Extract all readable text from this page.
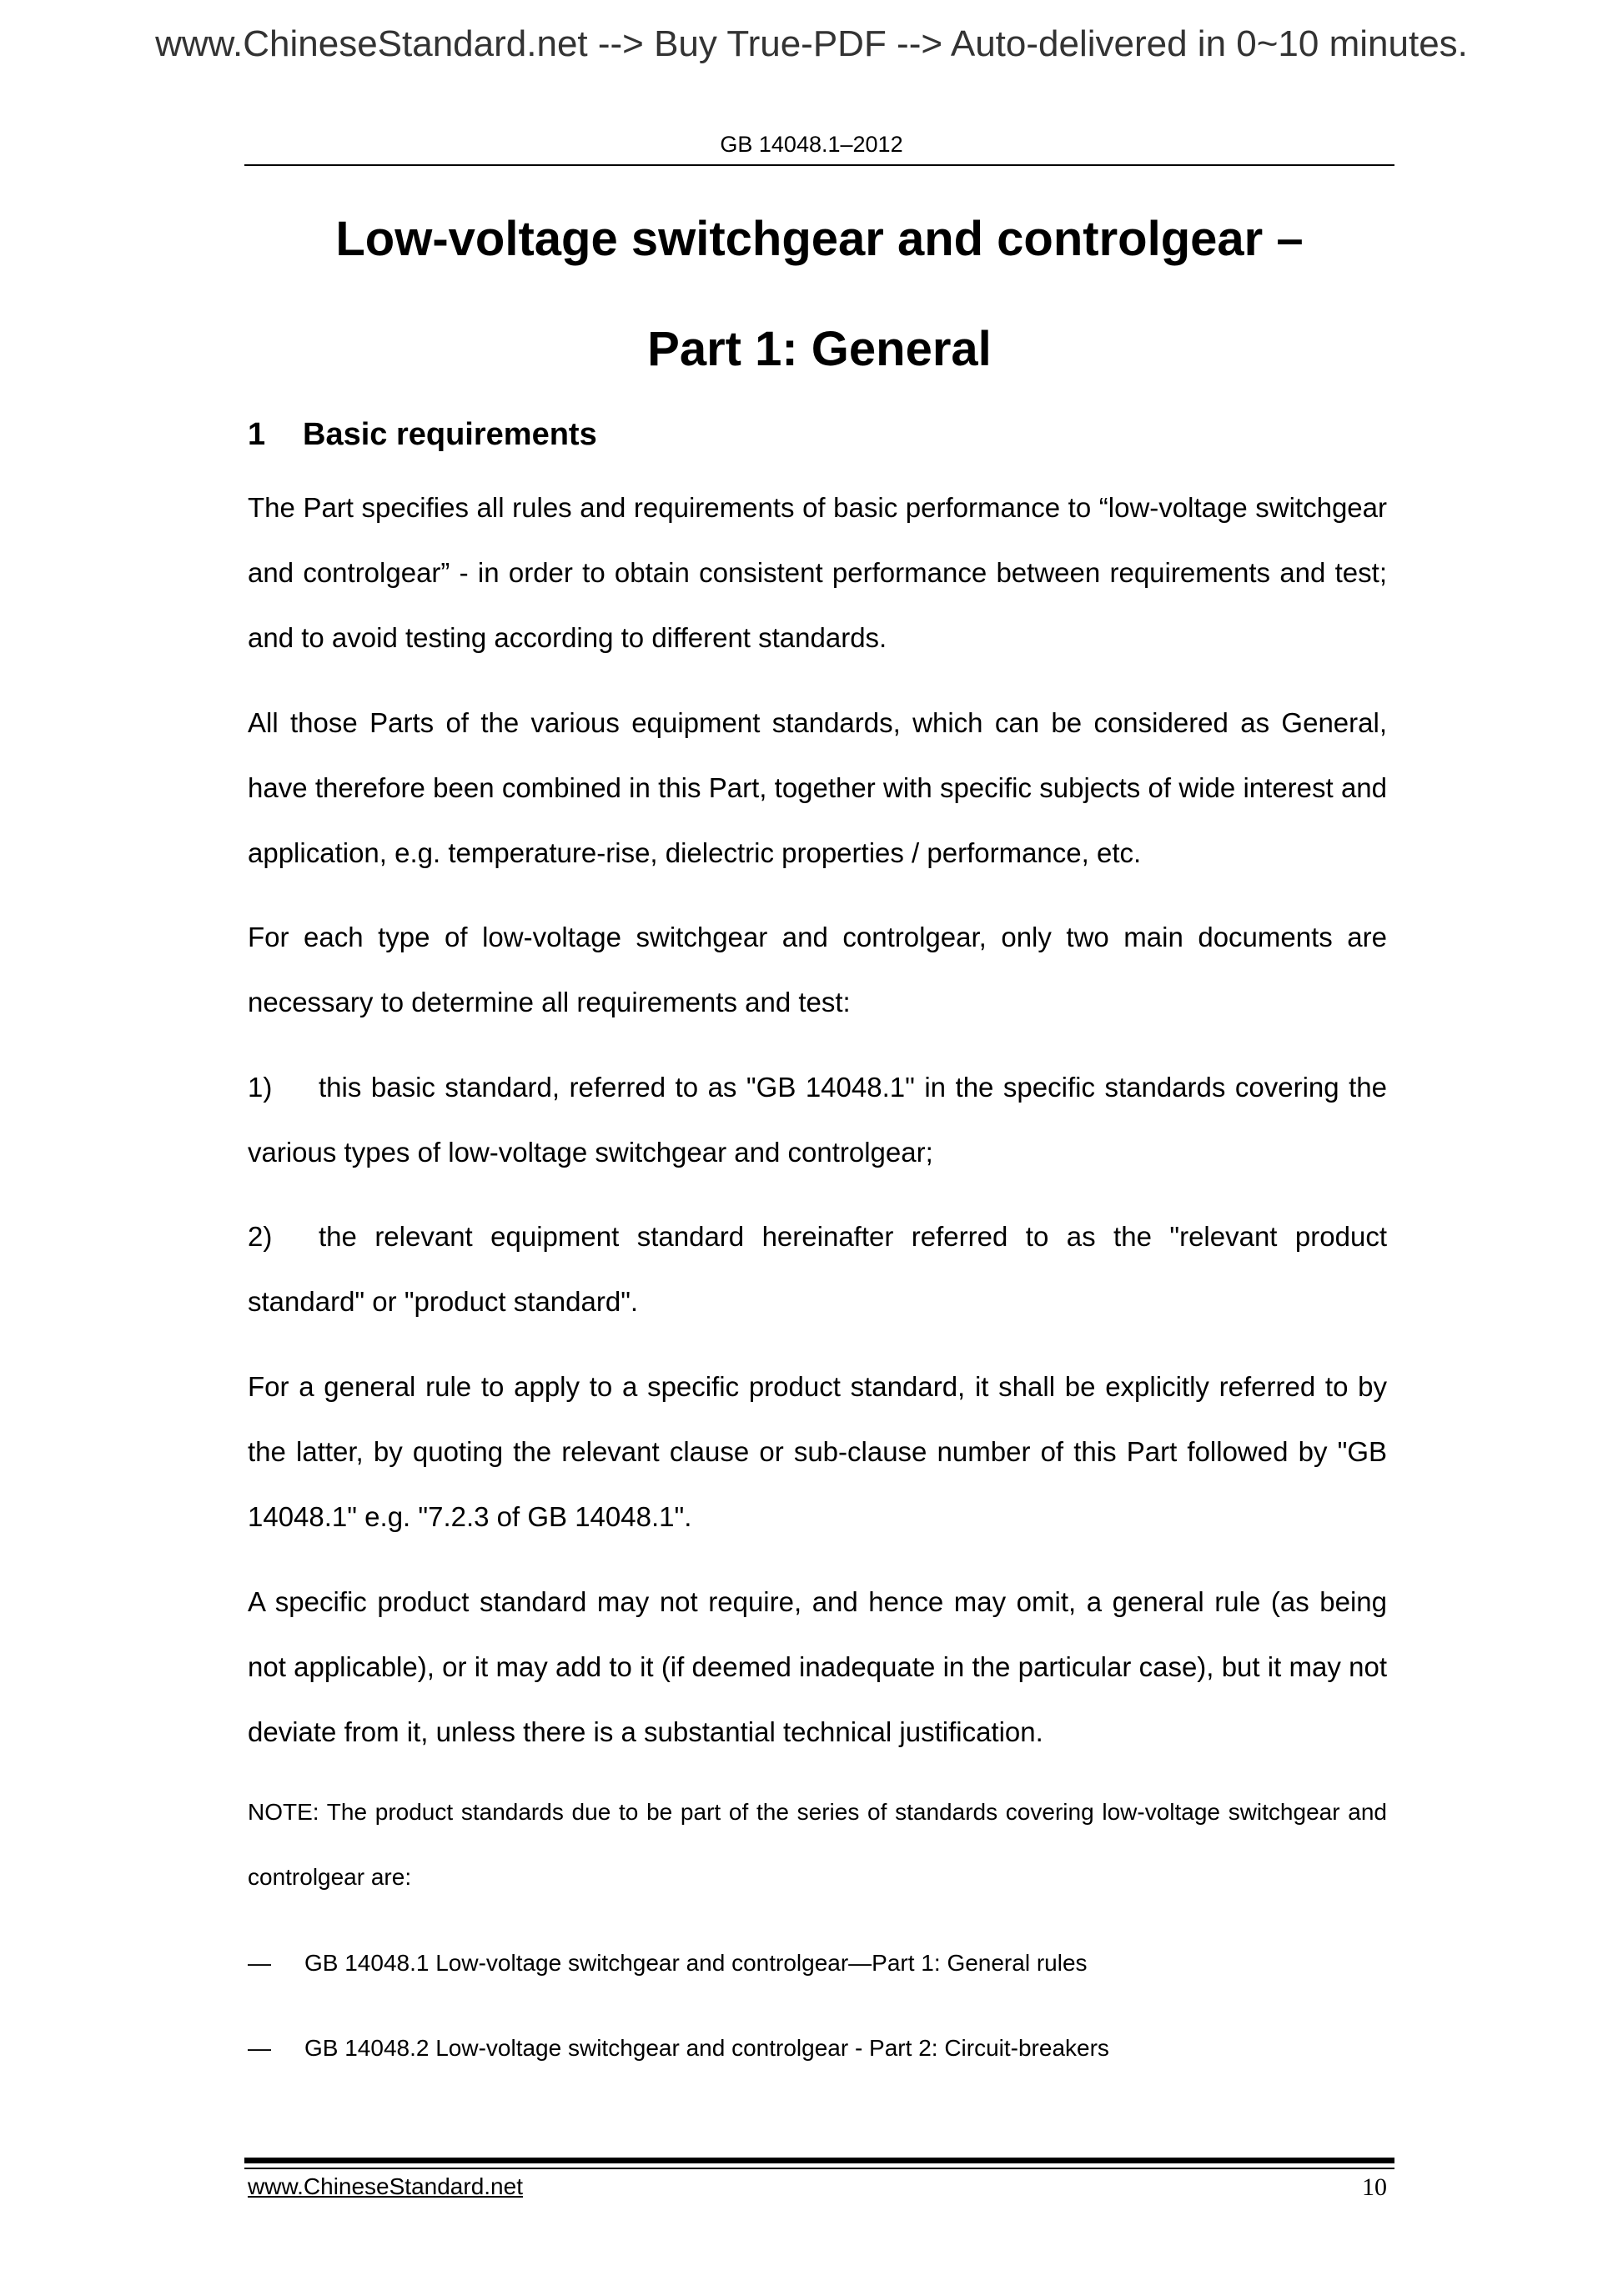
www.ChineseStandard.net --> Buy True-PDF --> Auto-delivered in 0~10 minutes.
GB 14048.1–2012
Low-voltage switchgear and controlgear –
Part 1: General
1 Basic requirements
The Part specifies all rules and requirements of basic performance to “low-voltage switchgear and controlgear” - in order to obtain consistent performance between requirements and test; and to avoid testing according to different standards.
All those Parts of the various equipment standards, which can be considered as General, have therefore been combined in this Part, together with specific subjects of wide interest and application, e.g. temperature-rise, dielectric properties / performance, etc.
For each type of low-voltage switchgear and controlgear, only two main documents are necessary to determine all requirements and test:
1) this basic standard, referred to as "GB 14048.1" in the specific standards covering the various types of low-voltage switchgear and controlgear;
2) the relevant equipment standard hereinafter referred to as the "relevant product standard" or "product standard".
For a general rule to apply to a specific product standard, it shall be explicitly referred to by the latter, by quoting the relevant clause or sub-clause number of this Part followed by "GB 14048.1" e.g. "7.2.3 of GB 14048.1".
A specific product standard may not require, and hence may omit, a general rule (as being not applicable), or it may add to it (if deemed inadequate in the particular case), but it may not deviate from it, unless there is a substantial technical justification.
NOTE: The product standards due to be part of the series of standards covering low-voltage switchgear and controlgear are:
— GB 14048.1 Low-voltage switchgear and controlgear—Part 1: General rules
— GB 14048.2 Low-voltage switchgear and controlgear - Part 2: Circuit-breakers
www.ChineseStandard.net	10
